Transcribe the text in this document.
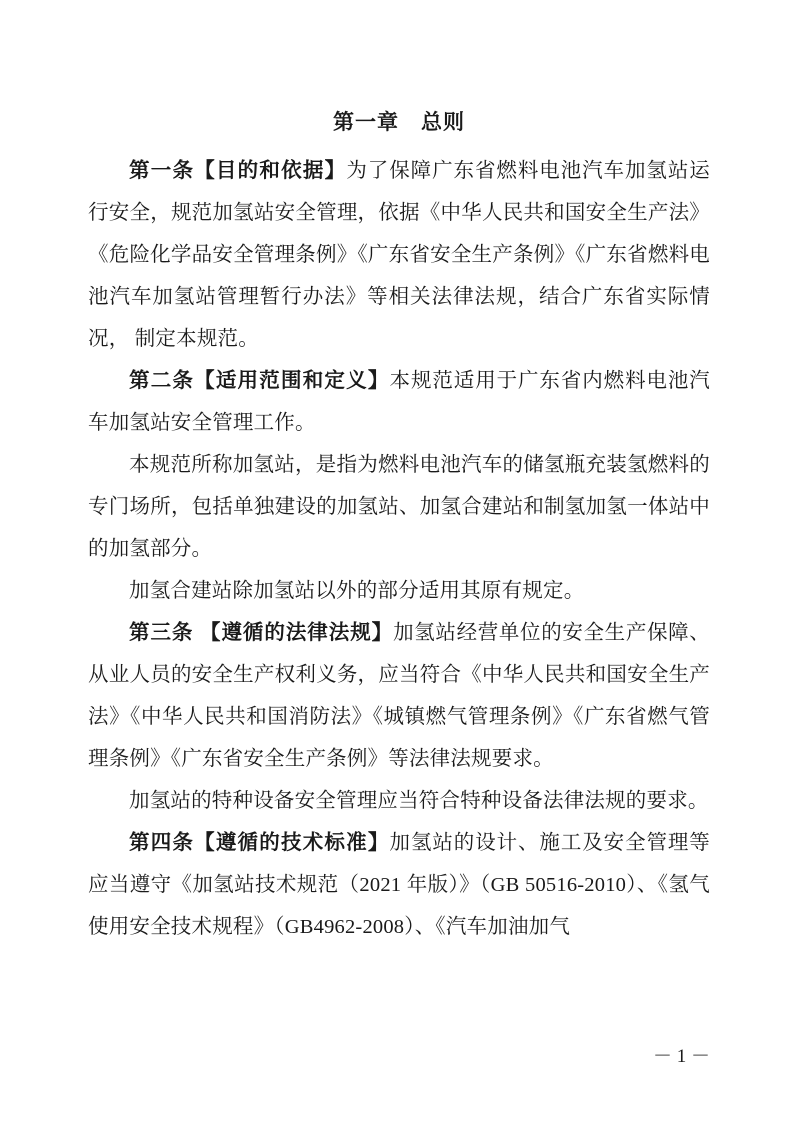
第一章　总则

第一条【目的和依据】为了保障广东省燃料电池汽车加氢站运行安全，规范加氢站安全管理，依据《中华人民共和国安全生产法》《危险化学品安全管理条例》《广东省安全生产条例》《广东省燃料电池汽车加氢站管理暂行办法》等相关法律法规，结合广东省实际情况， 制定本规范。

第二条【适用范围和定义】本规范适用于广东省内燃料电池汽车加氢站安全管理工作。

本规范所称加氢站，是指为燃料电池汽车的储氢瓶充装氢燃料的专门场所，包括单独建设的加氢站、加氢合建站和制氢加氢一体站中的加氢部分。

加氢合建站除加氢站以外的部分适用其原有规定。

第三条 【遵循的法律法规】加氢站经营单位的安全生产保障、从业人员的安全生产权利义务，应当符合《中华人民共和国安全生产法》《中华人民共和国消防法》《城镇燃气管理条例》《广东省燃气管理条例》《广东省安全生产条例》等法律法规要求。

加氢站的特种设备安全管理应当符合特种设备法律法规的要求。

第四条【遵循的技术标准】加氢站的设计、施工及安全管理等应当遵守《加氢站技术规范（2021 年版）》（GB 50516-2010）、《氢气使用安全技术规程》（GB4962-2008）、《汽车加油加气

－ 1 －
